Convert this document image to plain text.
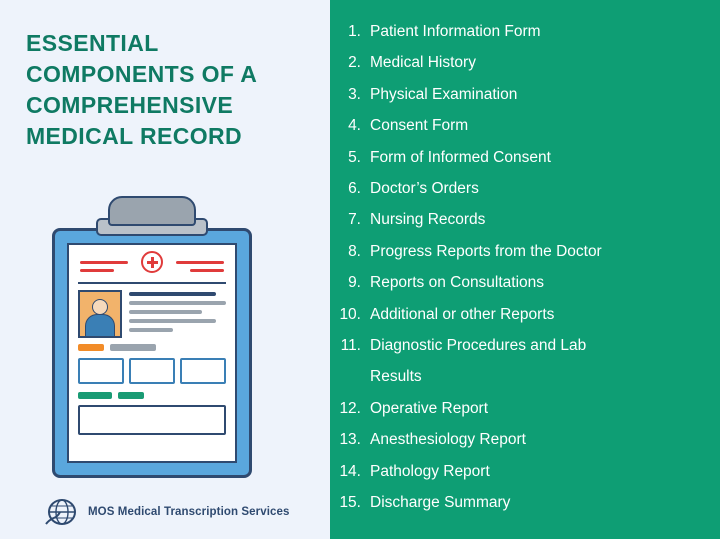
ESSENTIAL COMPONENTS OF A COMPREHENSIVE MEDICAL RECORD
MOS Medical Transcription Services
1. Patient Information Form
2. Medical History
3. Physical Examination
4. Consent Form
5. Form of Informed Consent
6. Doctor’s Orders
7. Nursing Records
8. Progress Reports from the Doctor
9. Reports on Consultations
10. Additional or other Reports
11. Diagnostic Procedures and Lab
Results
12. Operative Report
13. Anesthesiology Report
14. Pathology Report
15. Discharge Summary
